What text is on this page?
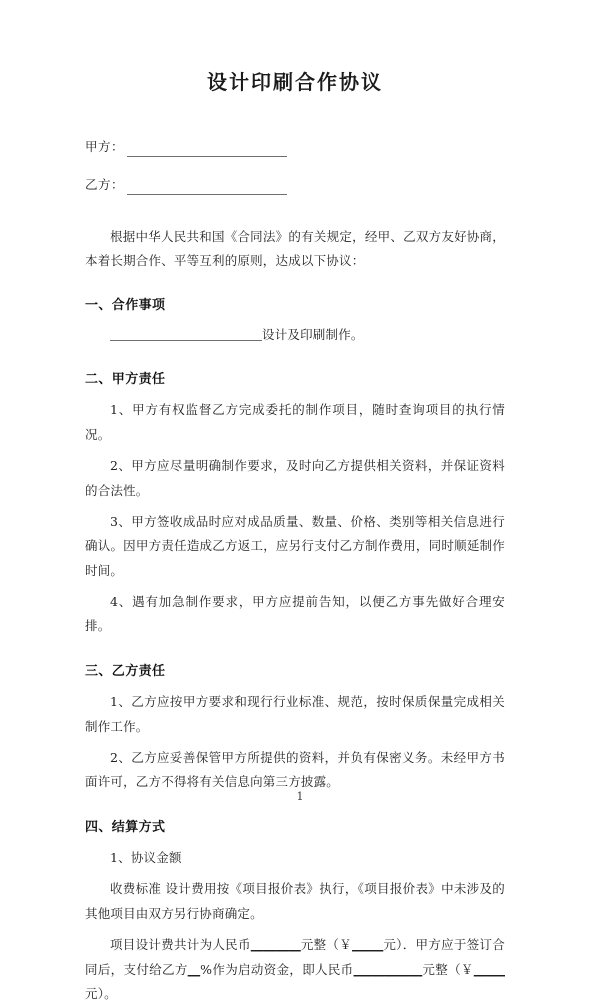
设计印刷合作协议
甲方：
乙方：

根据中华人民共和国《合同法》的有关规定，经甲、乙双方友好协商，本着长期合作、平等互利的原则，达成以下协议：

一、合作事项

设计及印刷制作。

二、甲方责任

1、甲方有权监督乙方完成委托的制作项目，随时查询项目的执行情况。

2、甲方应尽量明确制作要求，及时向乙方提供相关资料，并保证资料的合法性。

3、甲方签收成品时应对成品质量、数量、价格、类别等相关信息进行确认。因甲方责任造成乙方返工，应另行支付乙方制作费用，同时顺延制作时间。

4、遇有加急制作要求，甲方应提前告知，以便乙方事先做好合理安排。

三、乙方责任

1、乙方应按甲方要求和现行行业标准、规范，按时保质保量完成相关制作工作。

2、乙方应妥善保管甲方所提供的资料，并负有保密义务。未经甲方书面许可，乙方不得将有关信息向第三方披露。

四、结算方式

1、协议金额

收费标准 设计费用按《项目报价表》执行，《项目报价表》中未涉及的其他项目由双方另行协商确定。

项目设计费共计为人民币________元整（￥_____元）．甲方应于签订合同后，支付给乙方__%作为启动资金，即人民币___________元整（￥_____元）。

1
